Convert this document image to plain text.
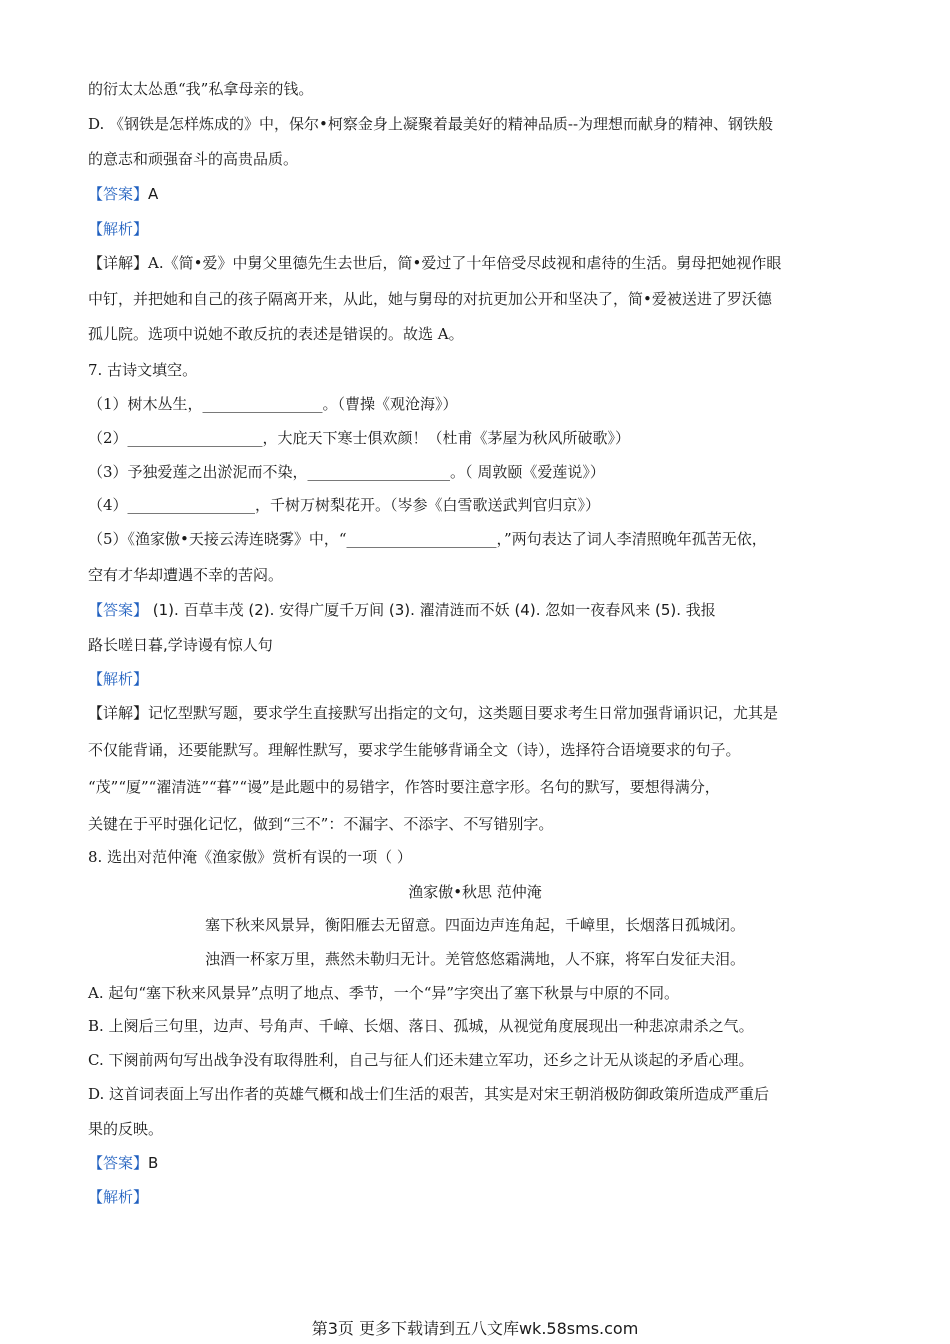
的衍太太怂恿“我”私拿母亲的钱。
D. 《钢铁是怎样炼成的》中，保尔•柯察金身上凝聚着最美好的精神品质--为理想而献身的精神、钢铁般
的意志和顽强奋斗的高贵品质。
【答案】A
【解析】
【详解】A.《简•爱》中舅父里德先生去世后，简•爱过了十年倍受尽歧视和虐待的生活。舅母把她视作眼
中钉，并把她和自己的孩子隔离开来，从此，她与舅母的对抗更加公开和坚决了，简•爱被送进了罗沃德
孤儿院。选项中说她不敢反抗的表述是错误的。故选 A。
7. 古诗文填空。
（1）树木丛生，________________。（曹操《观沧海》）
（2）__________________，大庇天下寒士俱欢颜！（杜甫《茅屋为秋风所破歌》）
（3）予独爱莲之出淤泥而不染，___________________。（ 周敦颐《爱莲说》）
（4）_________________，千树万树梨花开。（岑参《白雪歌送武判官归京》）
（5）《渔家傲•天接云涛连晓雾》中，“____________________，”两句表达了词人李清照晚年孤苦无依，
空有才华却遭遇不幸的苦闷。
【答案】 (1). 百草丰茂 (2). 安得广厦千万间 (3). 濯清涟而不妖 (4). 忽如一夜春风来 (5). 我报
路长嗟日暮,学诗谩有惊人句
【解析】
【详解】记忆型默写题，要求学生直接默写出指定的文句，这类题目要求考生日常加强背诵识记，尤其是
不仅能背诵，还要能默写。理解性默写，要求学生能够背诵全文（诗），选择符合语境要求的句子。
“茂”“厦”“濯清涟”“暮”“谩”是此题中的易错字，作答时要注意字形。名句的默写，要想得满分，
关键在于平时强化记忆，做到“三不”：不漏字、不添字、不写错别字。
8. 选出对范仲淹《渔家傲》赏析有误的一项（ ）
渔家傲•秋思 范仲淹
塞下秋来风景异，衡阳雁去无留意。四面边声连角起，千嶂里，长烟落日孤城闭。
浊酒一杯家万里，燕然未勒归无计。羌管悠悠霜满地，人不寐，将军白发征夫泪。
A. 起句“塞下秋来风景异”点明了地点、季节，一个“异”字突出了塞下秋景与中原的不同。
B. 上阕后三句里，边声、号角声、千嶂、长烟、落日、孤城，从视觉角度展现出一种悲凉肃杀之气。
C. 下阕前两句写出战争没有取得胜利，自己与征人们还未建立军功，还乡之计无从谈起的矛盾心理。
D. 这首词表面上写出作者的英雄气概和战士们生活的艰苦，其实是对宋王朝消极防御政策所造成严重后
果的反映。
【答案】B
【解析】
第3页 更多下载请到五八文库wk.58sms.com
